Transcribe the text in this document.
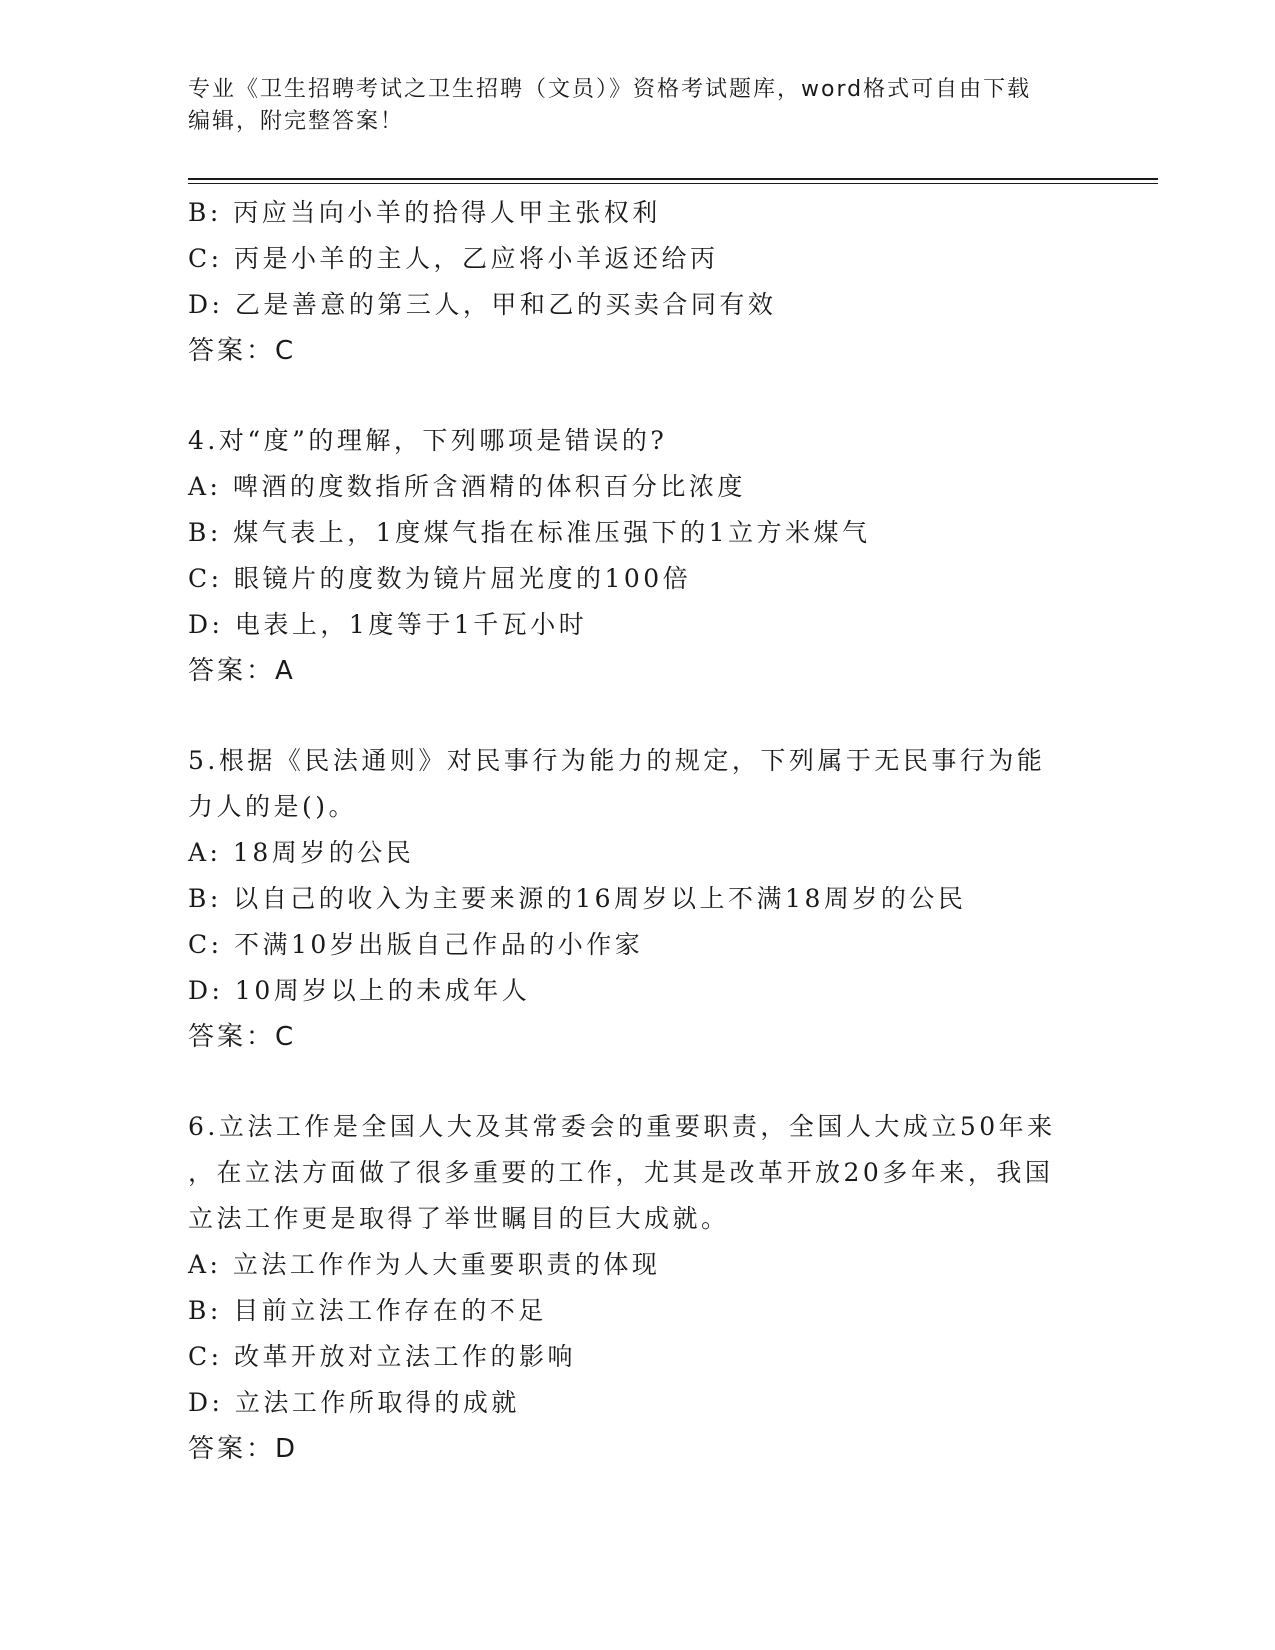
专业《卫生招聘考试之卫生招聘（文员）》资格考试题库，word格式可自由下载
编辑，附完整答案！
B: 丙应当向小羊的拾得人甲主张权利
C: 丙是小羊的主人，乙应将小羊返还给丙
D: 乙是善意的第三人，甲和乙的买卖合同有效
答案：C
4.对“度”的理解，下列哪项是错误的?
A: 啤酒的度数指所含酒精的体积百分比浓度
B: 煤气表上，1度煤气指在标准压强下的1立方米煤气
C: 眼镜片的度数为镜片屈光度的100倍
D: 电表上，1度等于1千瓦小时
答案：A
5.根据《民法通则》对民事行为能力的规定，下列属于无民事行为能
力人的是()。
A: 18周岁的公民
B: 以自己的收入为主要来源的16周岁以上不满18周岁的公民
C: 不满10岁出版自己作品的小作家
D: 10周岁以上的未成年人
答案：C
6.立法工作是全国人大及其常委会的重要职责，全国人大成立50年来
，在立法方面做了很多重要的工作，尤其是改革开放20多年来，我国
立法工作更是取得了举世瞩目的巨大成就。
A: 立法工作作为人大重要职责的体现
B: 目前立法工作存在的不足
C: 改革开放对立法工作的影响
D: 立法工作所取得的成就
答案：D
